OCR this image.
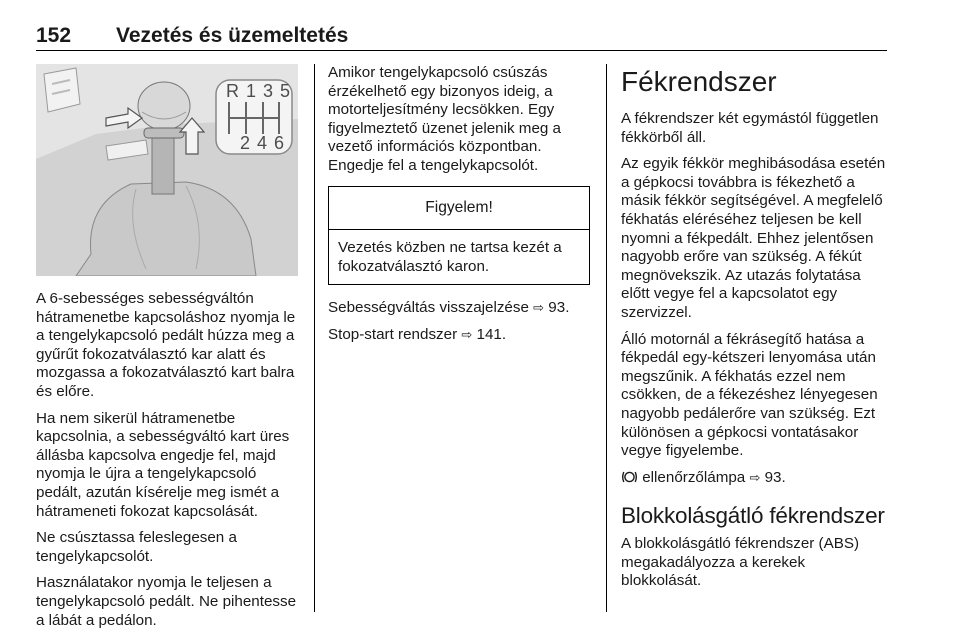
152	Vezetés és üzemeltetés
R 1 3 5
2 4 6

A 6-sebességes sebességváltón hátramenetbe kapcsoláshoz nyomja le a tengelykapcsoló pedált húzza meg a gyűrűt fokozatválasztó kar alatt és mozgassa a fokozatválasztó kart balra és előre.

Ha nem sikerül hátramenetbe kapcsolnia, a sebességváltó kart üres állásba kapcsolva engedje fel, majd nyomja le újra a tengelykapcsoló pedált, azután kísérelje meg ismét a hátrameneti fokozat kapcsolását.

Ne csúsztassa feleslegesen a tengelykapcsolót.

Használatakor nyomja le teljesen a tengelykapcsoló pedált. Ne pihentesse a lábát a pedálon.

Amikor tengelykapcsoló csúszás érzékelhető egy bizonyos ideig, a motorteljesítmény lecsökken. Egy figyelmeztető üzenet jelenik meg a vezető információs központban. Engedje fel a tengelykapcsolót.

Figyelem!
Vezetés közben ne tartsa kezét a fokozatválasztó karon.

Sebességváltás visszajelzése ⇨ 93.

Stop-start rendszer ⇨ 141.

Fékrendszer

A fékrendszer két egymástól független fékkörből áll.

Az egyik fékkör meghibásodása esetén a gépkocsi továbbra is fékezhető a másik fékkör segítségével. A megfelelő fékhatás eléréséhez teljesen be kell nyomni a fékpedált. Ehhez jelentősen nagyobb erőre van szükség. A fékút megnövekszik. Az utazás folytatása előtt vegye fel a kapcsolatot egy szervizzel.

Álló motornál a fékrásegítő hatása a fékpedál egy-kétszeri lenyomása után megszűnik. A fékhatás ezzel nem csökken, de a fékezéshez lényegesen nagyobb pedálerőre van szükség. Ezt különösen a gépkocsi vontatásakor vegye figyelembe.

ellenőrzőlámpa ⇨ 93.

Blokkolásgátló fékrendszer

A blokkolásgátló fékrendszer (ABS) megakadályozza a kerekek blokkolását.
